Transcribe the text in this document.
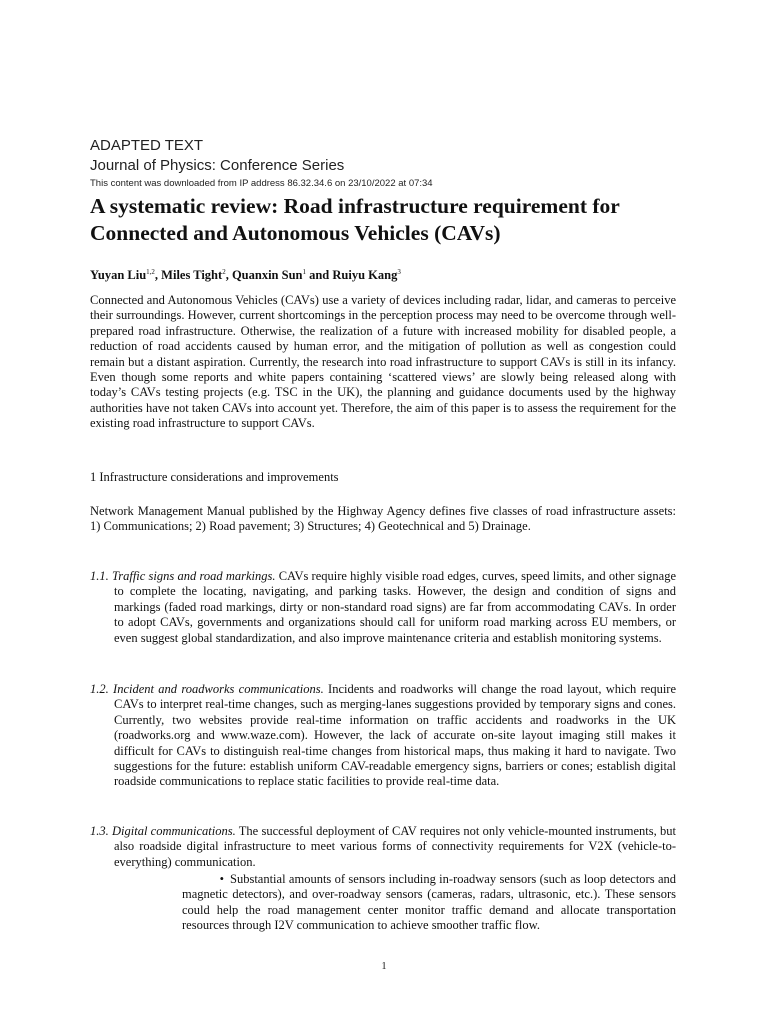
ADAPTED TEXT
Journal of Physics: Conference Series
This content was downloaded from IP address 86.32.34.6 on 23/10/2022 at 07:34
A systematic review: Road infrastructure requirement for Connected and Autonomous Vehicles (CAVs)
Yuyan Liu$^{1,2}$, Miles Tight$^2$, Quanxin Sun$^1$ and Ruiyu Kang$^3$
Connected and Autonomous Vehicles (CAVs) use a variety of devices including radar, lidar, and cameras to perceive their surroundings. However, current shortcomings in the perception process may need to be overcome through well-prepared road infrastructure. Otherwise, the realization of a future with increased mobility for disabled people, a reduction of road accidents caused by human error, and the mitigation of pollution as well as congestion could remain but a distant aspiration. Currently, the research into road infrastructure to support CAVs is still in its infancy. Even though some reports and white papers containing ‘scattered views’ are slowly being released along with today’s CAVs testing projects (e.g. TSC in the UK), the planning and guidance documents used by the highway authorities have not taken CAVs into account yet. Therefore, the aim of this paper is to assess the requirement for the existing road infrastructure to support CAVs.
1 Infrastructure considerations and improvements
Network Management Manual published by the Highway Agency defines five classes of road infrastructure assets: 1) Communications; 2) Road pavement; 3) Structures; 4) Geotechnical and 5) Drainage.
1.1. Traffic signs and road markings. CAVs require highly visible road edges, curves, speed limits, and other signage to complete the locating, navigating, and parking tasks. However, the design and condition of signs and markings (faded road markings, dirty or non-standard road signs) are far from accommodating CAVs. In order to adopt CAVs, governments and organizations should call for uniform road marking across EU members, or even suggest global standardization, and also improve maintenance criteria and establish monitoring systems.
1.2. Incident and roadworks communications. Incidents and roadworks will change the road layout, which require CAVs to interpret real-time changes, such as merging-lanes suggestions provided by temporary signs and cones. Currently, two websites provide real-time information on traffic accidents and roadworks in the UK (roadworks.org and www.waze.com). However, the lack of accurate on-site layout imaging still makes it difficult for CAVs to distinguish real-time changes from historical maps, thus making it hard to navigate. Two suggestions for the future: establish uniform CAV-readable emergency signs, barriers or cones; establish digital roadside communications to replace static facilities to provide real-time data.
1.3. Digital communications. The successful deployment of CAV requires not only vehicle-mounted instruments, but also roadside digital infrastructure to meet various forms of connectivity requirements for V2X (vehicle-to-everything) communication.
• Substantial amounts of sensors including in-roadway sensors (such as loop detectors and magnetic detectors), and over-roadway sensors (cameras, radars, ultrasonic, etc.). These sensors could help the road management center monitor traffic demand and allocate transportation resources through I2V communication to achieve smoother traffic flow.
1
